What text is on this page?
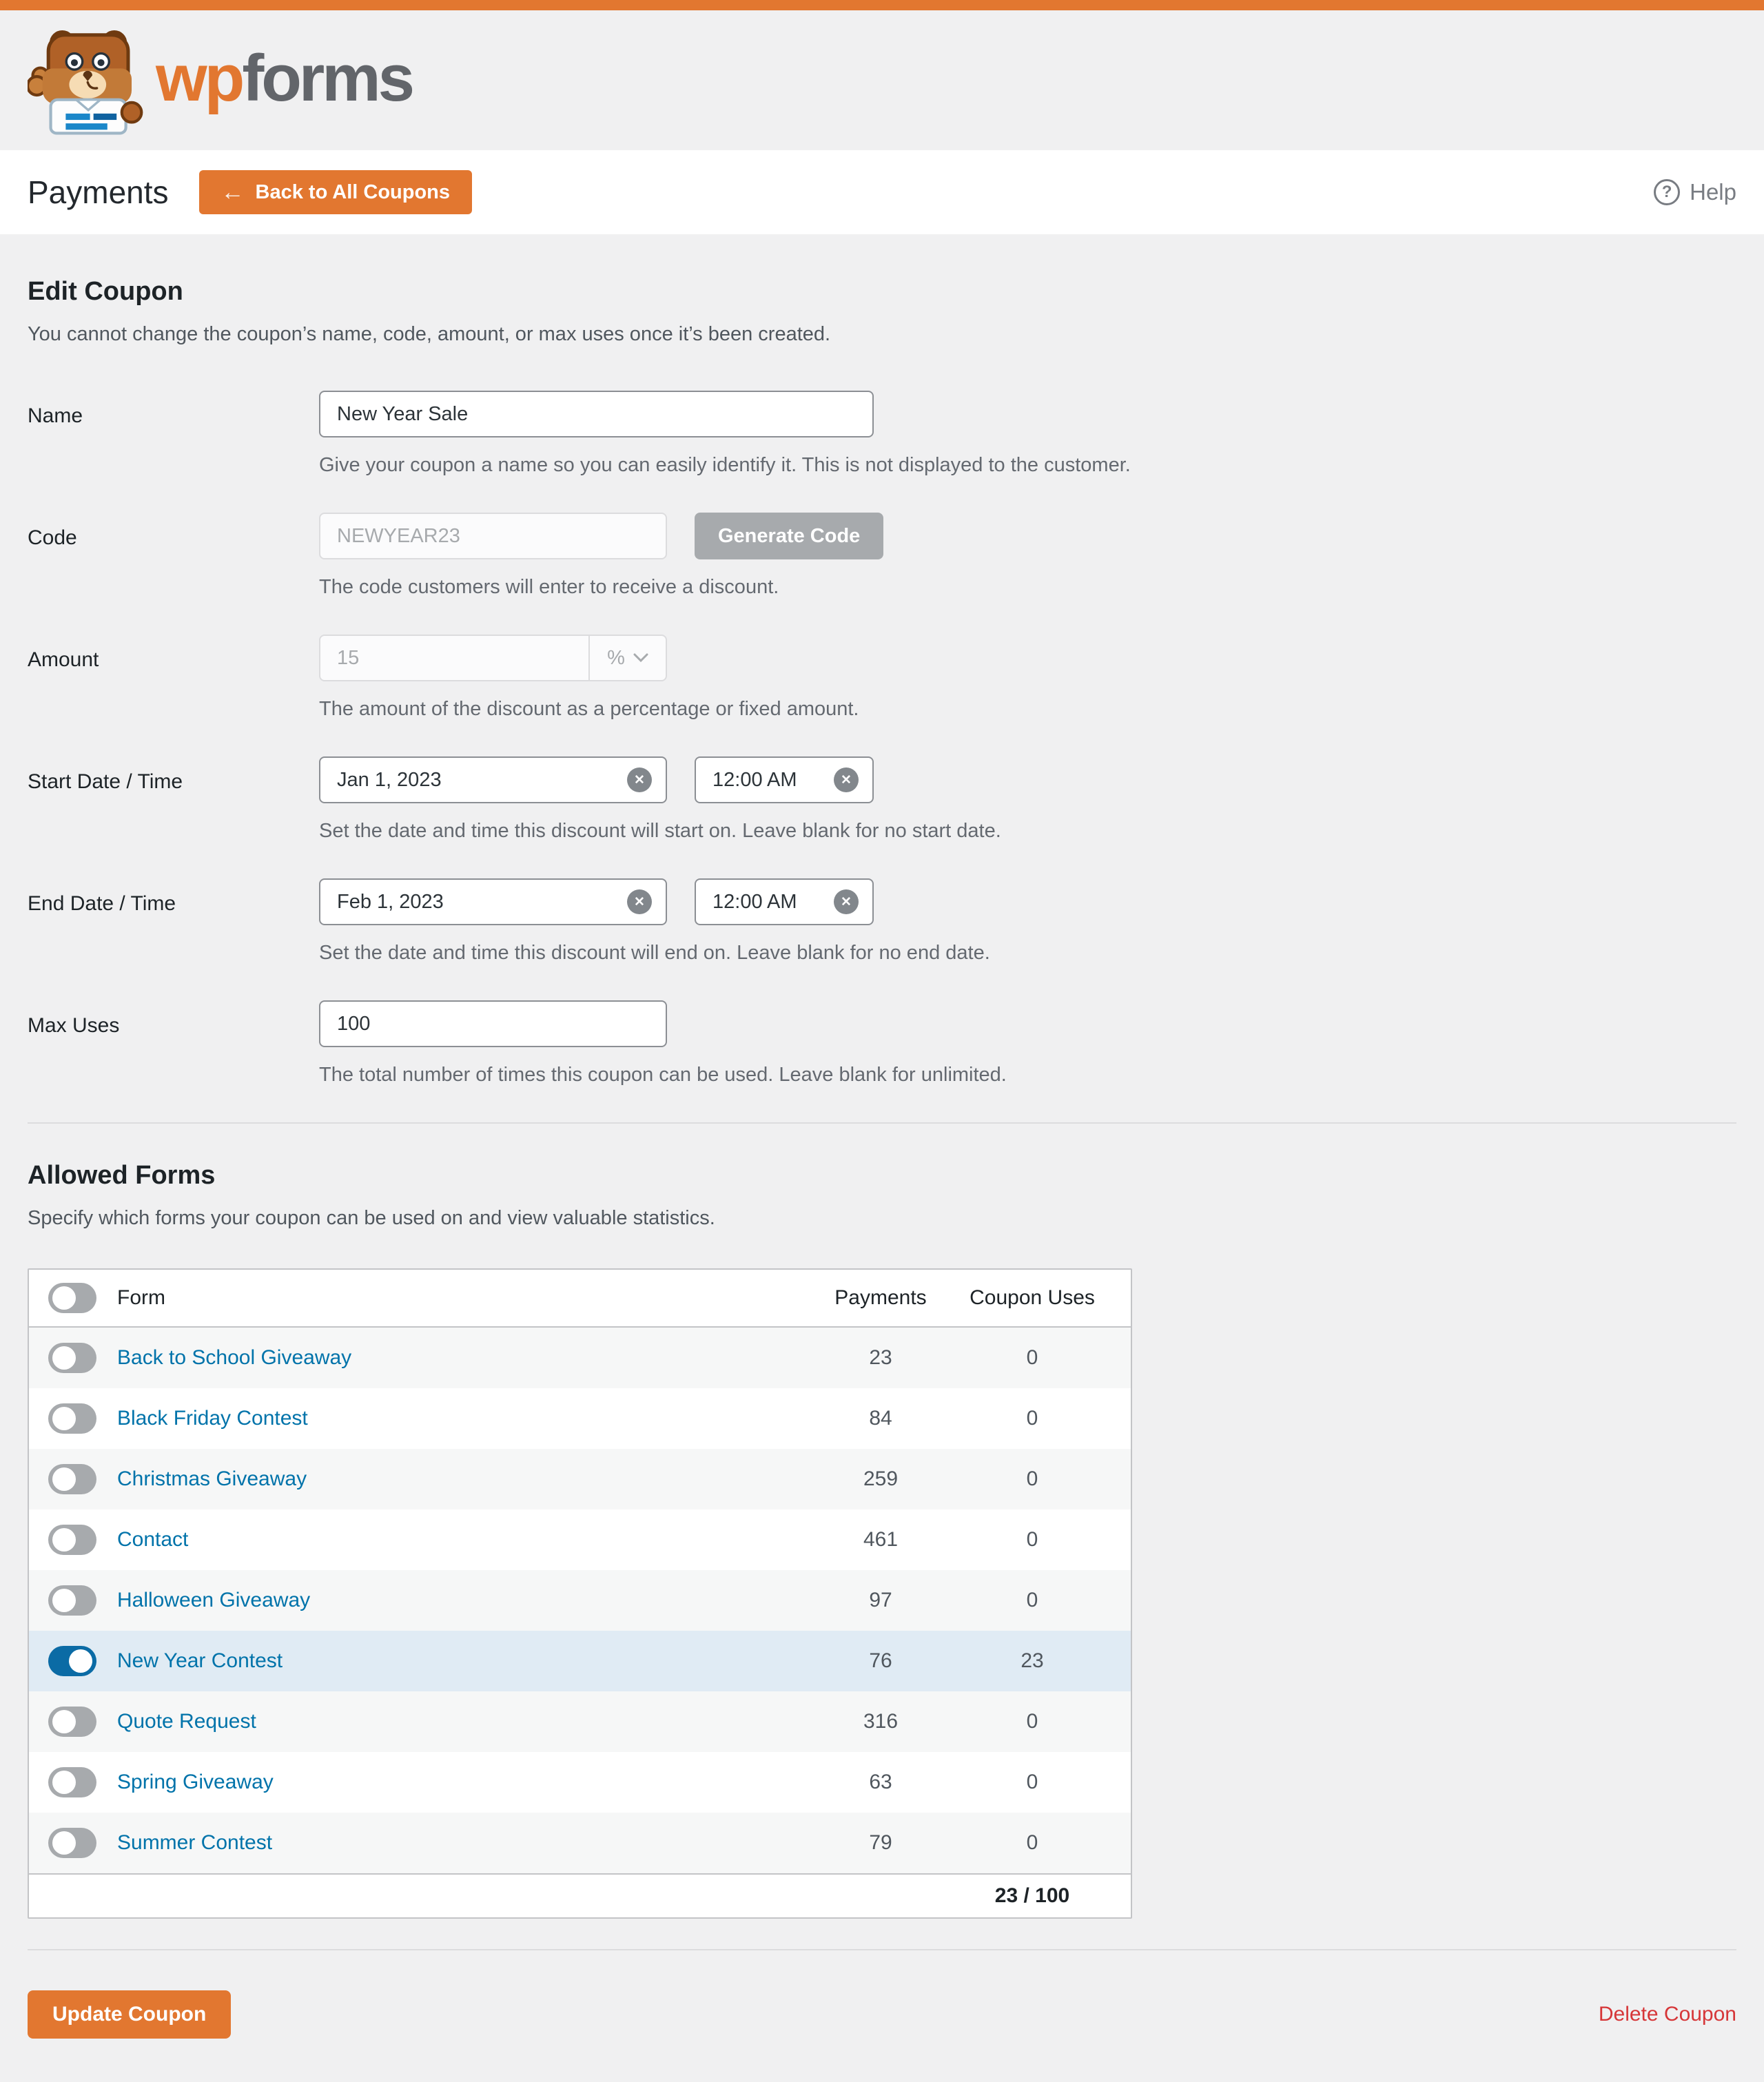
wpforms
Payments ← Back to All Coupons	? Help
Edit Coupon

You cannot change the coupon’s name, code, amount, or max uses once it’s been created.

Name
New Year Sale
Give your coupon a name so you can easily identify it. This is not displayed to the customer.
Code
NEWYEAR23	Generate Code
The code customers will enter to receive a discount.
Amount
15	%
The amount of the discount as a percentage or fixed amount.
Start Date / Time
Jan 1, 2023	✕
12:00 AM	✕
Set the date and time this discount will start on. Leave blank for no start date.
End Date / Time
Feb 1, 2023	✕
12:00 AM	✕
Set the date and time this discount will end on. Leave blank for no end date.
Max Uses
100
The total number of times this coupon can be used. Leave blank for unlimited.
Allowed Forms

Specify which forms your coupon can be used on and view valuable statistics.

Form	Payments	Coupon Uses
Back to School Giveaway	23	0
Black Friday Contest	84	0
Christmas Giveaway	259	0
Contact	461	0
Halloween Giveaway	97	0
New Year Contest	76	23
Quote Request	316	0
Spring Giveaway	63	0
Summer Contest	79	0
23 / 100
Update Coupon	Delete Coupon
